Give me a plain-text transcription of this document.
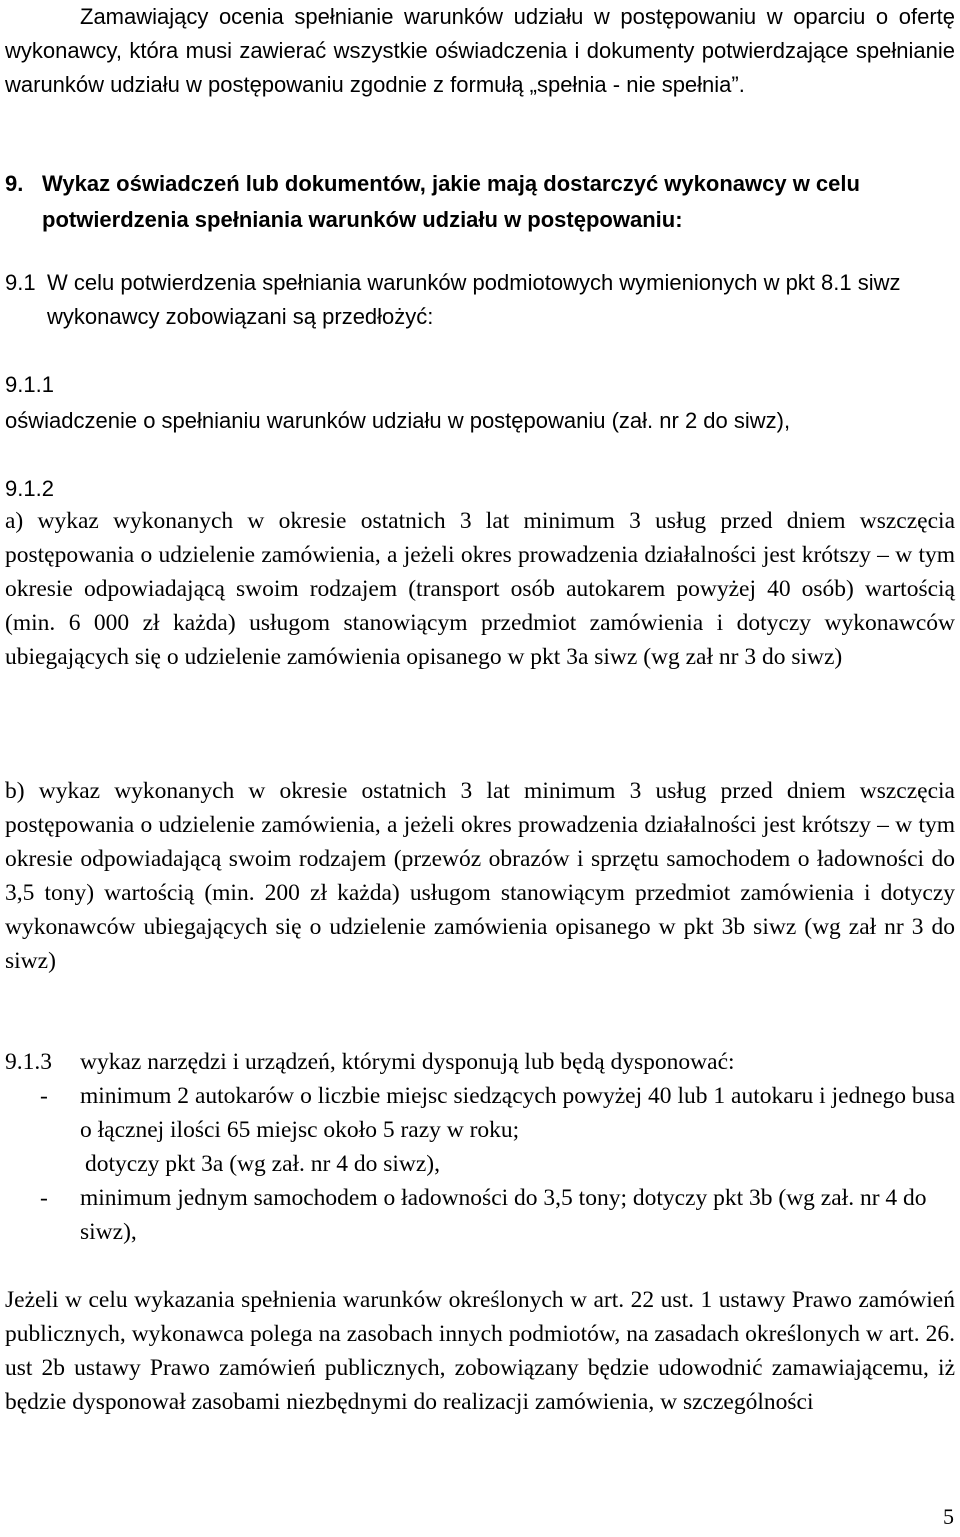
Zamawiający ocenia spełnianie warunków udziału w postępowaniu w oparciu o ofertę wykonawcy, która musi zawierać wszystkie oświadczenia i dokumenty potwierdzające spełnianie warunków udziału w postępowaniu zgodnie z formułą „spełnia - nie spełnia”.

9. Wykaz oświadczeń lub dokumentów, jakie mają dostarczyć wykonawcy w celu potwierdzenia spełniania warunków udziału w postępowaniu:
9.1 W celu potwierdzenia spełniania warunków podmiotowych wymienionych w pkt 8.1 siwz wykonawcy zobowiązani są przedłożyć:
9.1.1

oświadczenie o spełnianiu warunków udziału w postępowaniu (zał. nr 2 do siwz),

9.1.2

a) wykaz wykonanych w okresie ostatnich 3 lat minimum 3 usług przed dniem wszczęcia postępowania o udzielenie zamówienia, a jeżeli okres prowadzenia działalności jest krótszy – w tym okresie odpowiadającą swoim rodzajem (transport osób autokarem powyżej 40 osób) wartością (min. 6 000 zł każda) usługom stanowiącym przedmiot zamówienia i dotyczy wykonawców ubiegających się o udzielenie zamówienia opisanego w pkt 3a siwz (wg zał nr 3 do siwz)

b) wykaz wykonanych w okresie ostatnich 3 lat minimum 3 usług przed dniem wszczęcia postępowania o udzielenie zamówienia, a jeżeli okres prowadzenia działalności jest krótszy – w tym okresie odpowiadającą swoim rodzajem (przewóz obrazów i sprzętu samochodem o ładowności do 3,5 tony) wartością (min. 200 zł każda) usługom stanowiącym przedmiot zamówienia i dotyczy wykonawców ubiegających się o udzielenie zamówienia opisanego w pkt 3b siwz (wg zał nr 3 do siwz)

9.1.3	wykaz narzędzi i urządzeń, którymi dysponują lub będą dysponować:
-	minimum 2 autokarów o liczbie miejsc siedzących powyżej 40 lub 1 autokaru i jednego busa o łącznej ilości 65 miejsc około 5 razy w roku;
dotyczy pkt 3a (wg zał. nr 4 do siwz),
-	minimum jednym samochodem o ładowności do 3,5 tony; dotyczy pkt 3b (wg zał. nr 4 do siwz),

Jeżeli w celu wykazania spełnienia warunków określonych w art. 22 ust. 1 ustawy Prawo zamówień publicznych, wykonawca polega na zasobach innych podmiotów, na zasadach określonych w art. 26. ust 2b ustawy Prawo zamówień publicznych, zobowiązany będzie udowodnić zamawiającemu, iż będzie dysponował zasobami niezbędnymi do realizacji zamówienia, w szczególności

5
